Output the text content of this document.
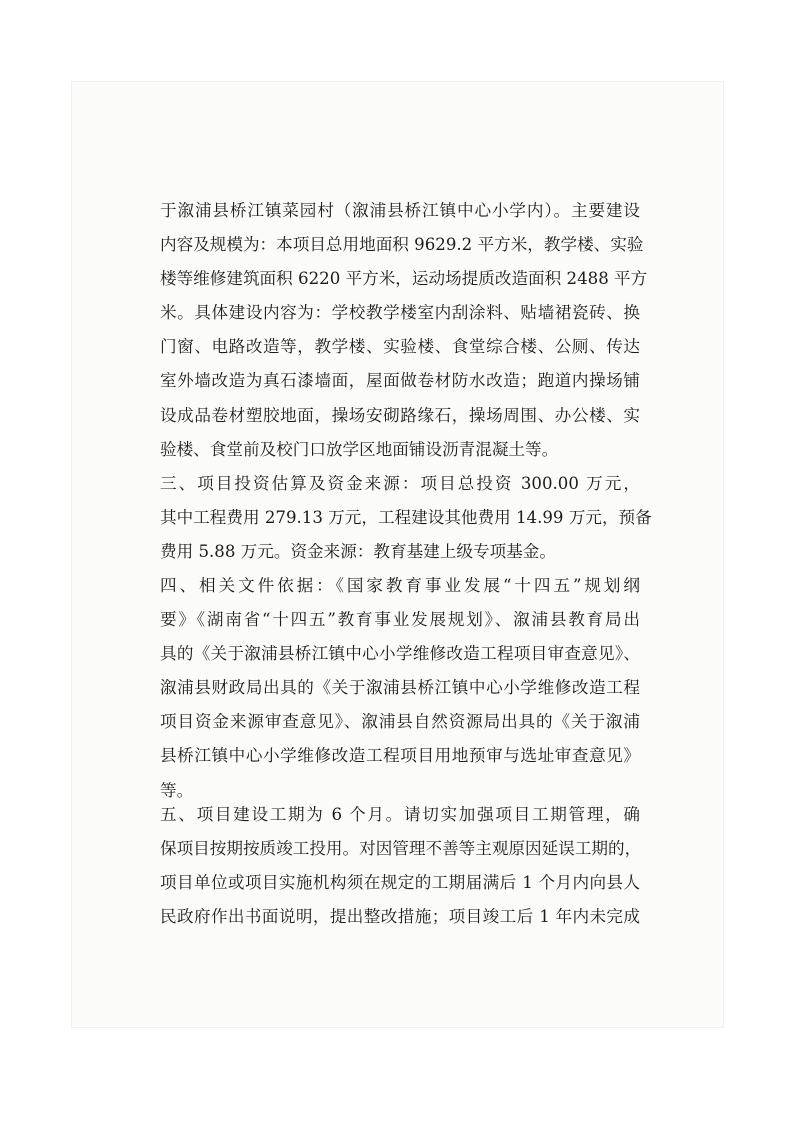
于溆浦县桥江镇菜园村（溆浦县桥江镇中心小学内）。主要建设
内容及规模为：本项目总用地面积 9629.2 平方米，教学楼、实验
楼等维修建筑面积 6220 平方米，运动场提质改造面积 2488 平方
米。具体建设内容为：学校教学楼室内刮涂料、贴墙裙瓷砖、换
门窗、电路改造等，教学楼、实验楼、食堂综合楼、公厕、传达
室外墙改造为真石漆墙面，屋面做卷材防水改造；跑道内操场铺
设成品卷材塑胶地面，操场安砌路缘石，操场周围、办公楼、实
验楼、食堂前及校门口放学区地面铺设沥青混凝土等。
三、项目投资估算及资金来源：项目总投资 300.00 万元，
其中工程费用 279.13 万元，工程建设其他费用 14.99 万元，预备
费用 5.88 万元。资金来源：教育基建上级专项基金。
四、相关文件依据：《国家教育事业发展“十四五”规划纲
要》《湖南省“十四五”教育事业发展规划》、溆浦县教育局出
具的《关于溆浦县桥江镇中心小学维修改造工程项目审查意见》、
溆浦县财政局出具的《关于溆浦县桥江镇中心小学维修改造工程
项目资金来源审查意见》、溆浦县自然资源局出具的《关于溆浦
县桥江镇中心小学维修改造工程项目用地预审与选址审查意见》
等。
五、项目建设工期为 6 个月。请切实加强项目工期管理，确
保项目按期按质竣工投用。对因管理不善等主观原因延误工期的，
项目单位或项目实施机构须在规定的工期届满后 1 个月内向县人
民政府作出书面说明，提出整改措施；项目竣工后 1 年内未完成
